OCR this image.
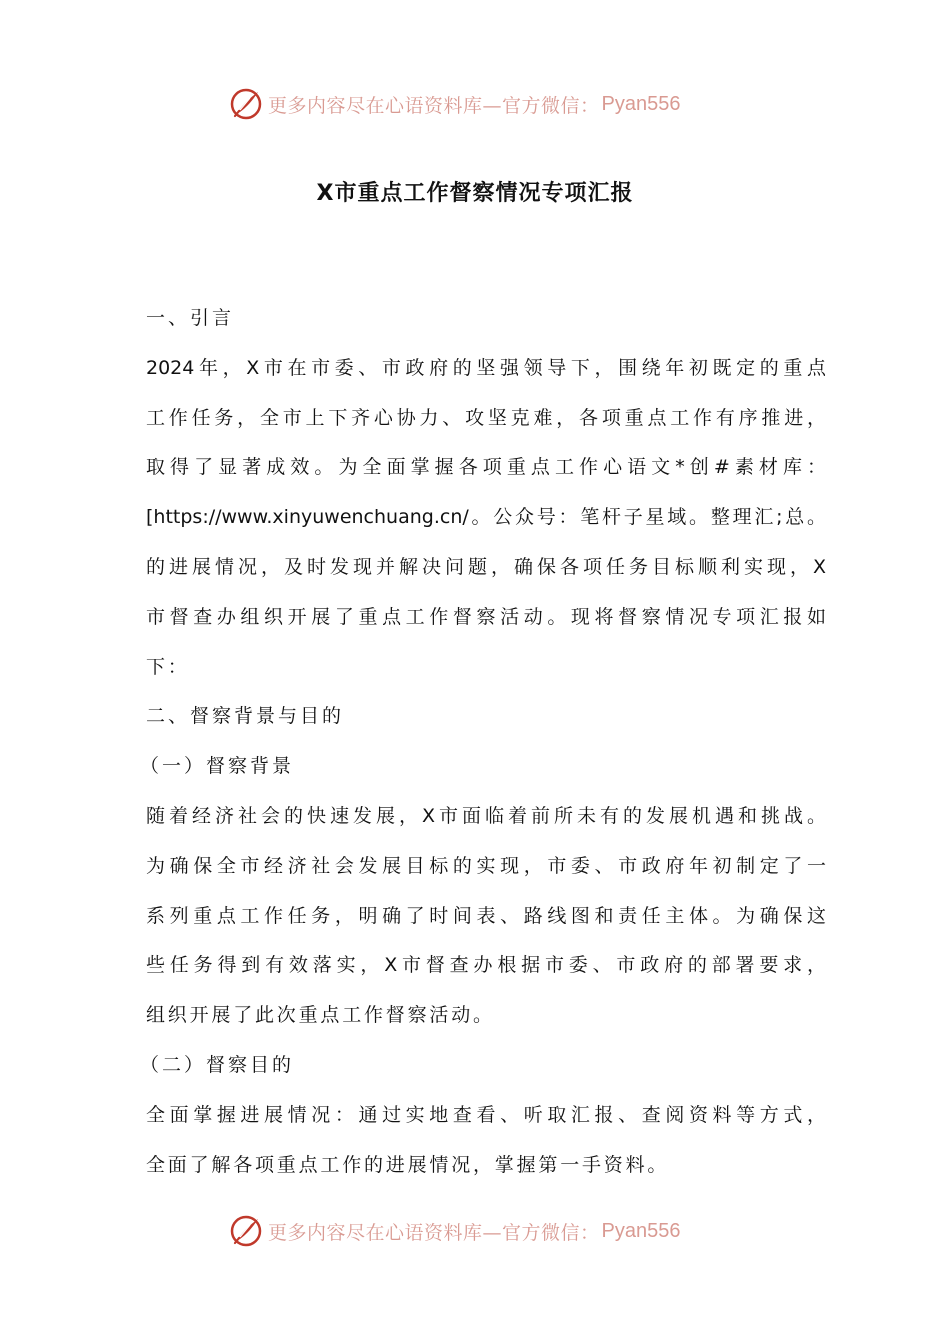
更多内容尽在心语资料库—官方微信： Pyan556
X市重点工作督察情况专项汇报

一、引言

2024年，X市在市委、市政府的坚强领导下，围绕年初既定的重点

工作任务，全市上下齐心协力、攻坚克难，各项重点工作有序推进，

取得了显著成效。为全面掌握各项重点工作心语文*创#素材库：

[https://www.xinyuwenchuang.cn/。公众号：笔杆子星域。整理汇;总。

的进展情况，及时发现并解决问题，确保各项任务目标顺利实现，X

市督查办组织开展了重点工作督察活动。现将督察情况专项汇报如

下：

二、督察背景与目的

（一）督察背景

随着经济社会的快速发展，X市面临着前所未有的发展机遇和挑战。

为确保全市经济社会发展目标的实现，市委、市政府年初制定了一

系列重点工作任务，明确了时间表、路线图和责任主体。为确保这

些任务得到有效落实，X市督查办根据市委、市政府的部署要求，

组织开展了此次重点工作督察活动。

（二）督察目的

全面掌握进展情况：通过实地查看、听取汇报、查阅资料等方式，

全面了解各项重点工作的进展情况，掌握第一手资料。

更多内容尽在心语资料库—官方微信： Pyan556
